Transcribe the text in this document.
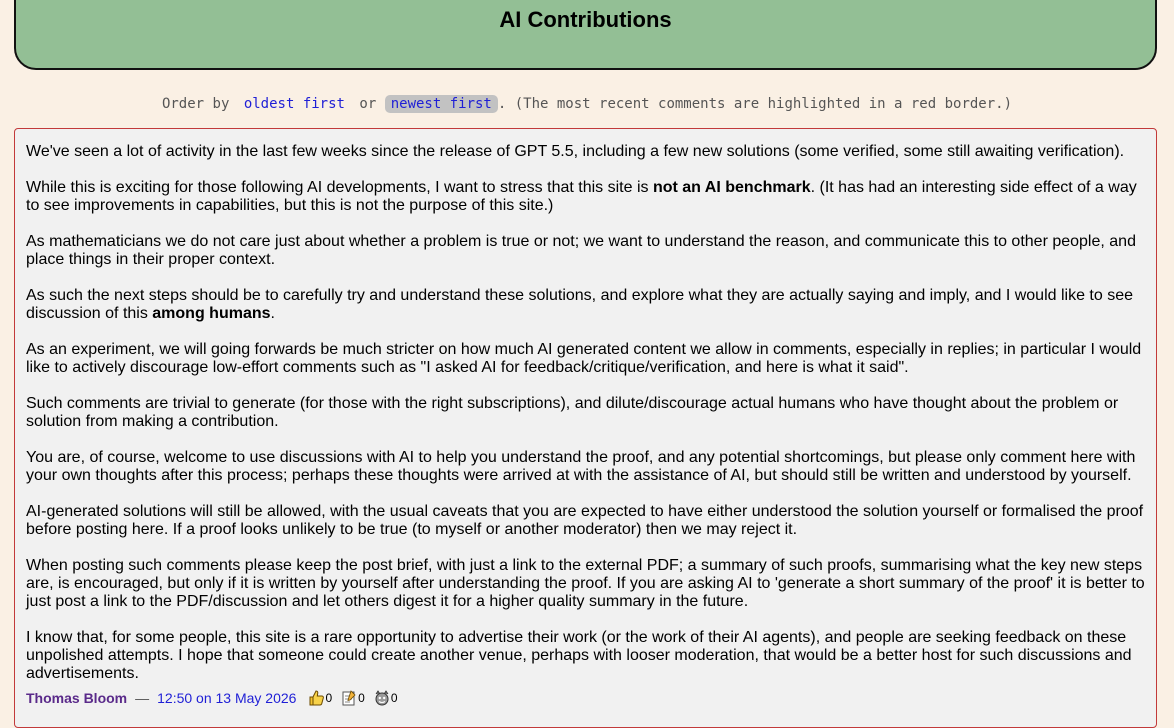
AI Contributions
Order by oldest first or newest first . (The most recent comments are highlighted in a red border.)

We've seen a lot of activity in the last few weeks since the release of GPT 5.5, including a few new solutions (some verified, some still awaiting verification).

While this is exciting for those following AI developments, I want to stress that this site is not an AI benchmark. (It has had an interesting side effect of a way to see improvements in capabilities, but this is not the purpose of this site.)

As mathematicians we do not care just about whether a problem is true or not; we want to understand the reason, and communicate this to other people, and place things in their proper context.

As such the next steps should be to carefully try and understand these solutions, and explore what they are actually saying and imply, and I would like to see discussion of this among humans.

As an experiment, we will going forwards be much stricter on how much AI generated content we allow in comments, especially in replies; in particular I would like to actively discourage low-effort comments such as "I asked AI for feedback/critique/verification, and here is what it said".

Such comments are trivial to generate (for those with the right subscriptions), and dilute/discourage actual humans who have thought about the problem or solution from making a contribution.

You are, of course, welcome to use discussions with AI to help you understand the proof, and any potential shortcomings, but please only comment here with your own thoughts after this process; perhaps these thoughts were arrived at with the assistance of AI, but should still be written and understood by yourself.

AI-generated solutions will still be allowed, with the usual caveats that you are expected to have either understood the solution yourself or formalised the proof before posting here. If a proof looks unlikely to be true (to myself or another moderator) then we may reject it.

When posting such comments please keep the post brief, with just a link to the external PDF; a summary of such proofs, summarising what the key new steps are, is encouraged, but only if it is written by yourself after understanding the proof. If you are asking AI to 'generate a short summary of the proof' it is better to just post a link to the PDF/discussion and let others digest it for a higher quality summary in the future.

I know that, for some people, this site is a rare opportunity to advertise their work (or the work of their AI agents), and people are seeking feedback on these unpolished attempts. I hope that someone could create another venue, perhaps with looser moderation, that would be a better host for such discussions and advertisements.

Thomas Bloom — 12:50 on 13 May 2026 0 0 0
